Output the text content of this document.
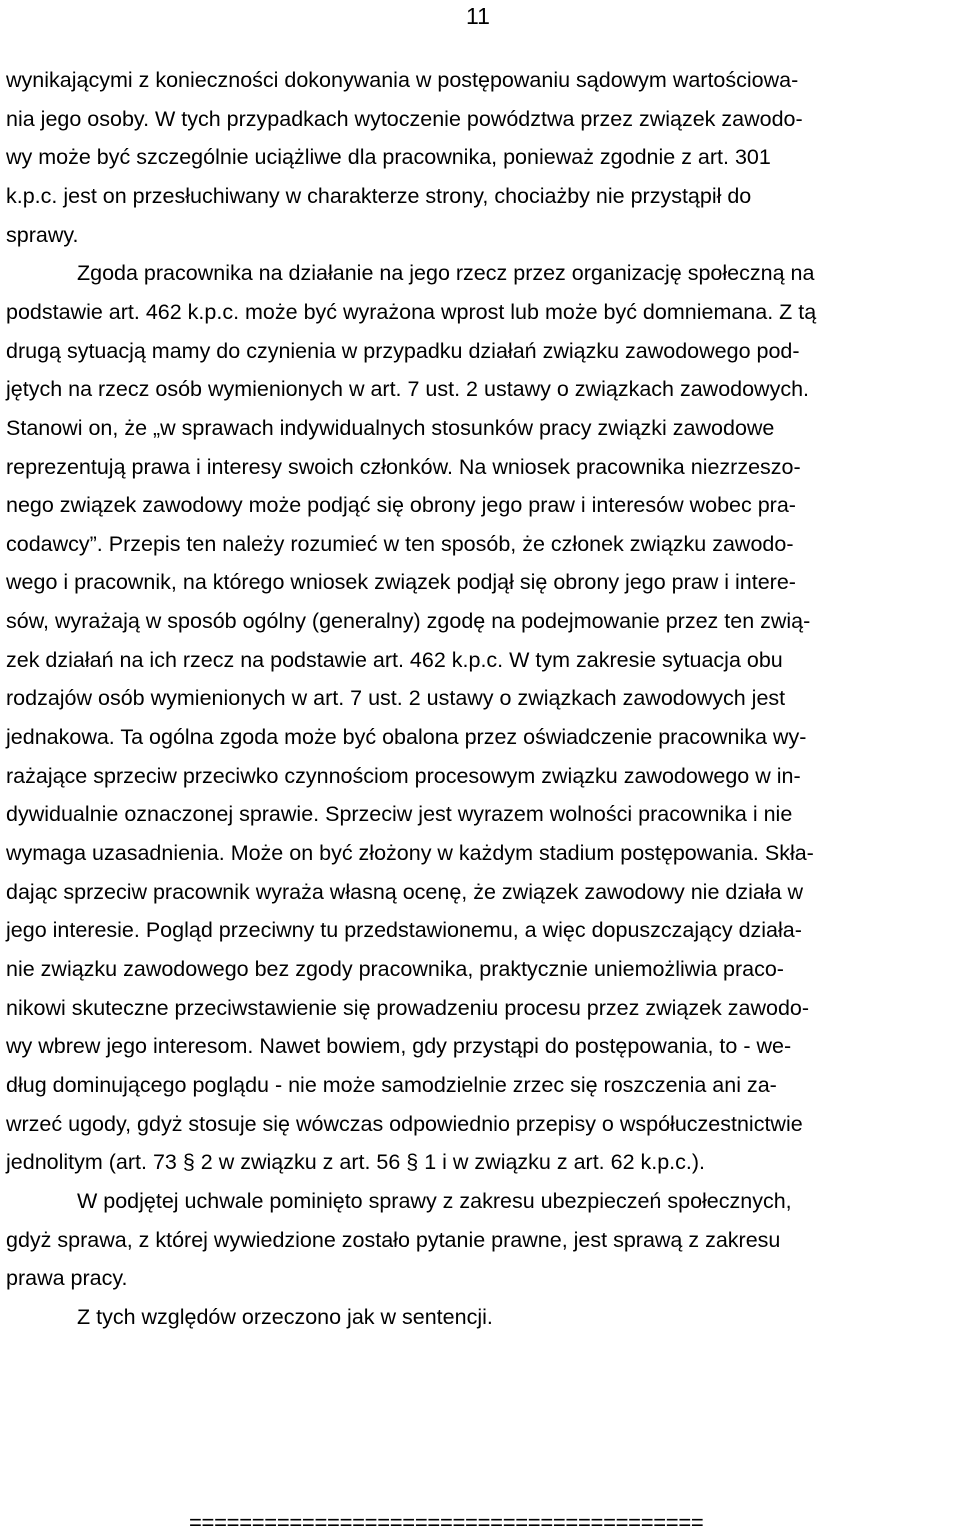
11
wynikającymi z konieczności dokonywania w postępowaniu sądowym wartościowa-
nia jego osoby. W tych przypadkach wytoczenie powództwa przez związek zawodo-
wy może być szczególnie uciążliwe dla pracownika, ponieważ zgodnie z art. 301
k.p.c. jest on przesłuchiwany w charakterze strony, chociażby nie przystąpił do
sprawy.
Zgoda pracownika na działanie na jego rzecz przez organizację społeczną na
podstawie art. 462 k.p.c. może być wyrażona wprost lub może być domniemana. Z tą
drugą sytuacją mamy do czynienia w przypadku działań związku zawodowego pod-
jętych na rzecz osób wymienionych w art. 7 ust. 2 ustawy o związkach zawodowych.
Stanowi on, że „w sprawach indywidualnych stosunków pracy związki zawodowe
reprezentują prawa i interesy swoich członków. Na wniosek pracownika niezrzeszo-
nego związek zawodowy może podjąć się obrony jego praw i interesów wobec pra-
codawcy”. Przepis ten należy rozumieć w ten sposób, że członek związku zawodo-
wego i pracownik, na którego wniosek związek podjął się obrony jego praw i intere-
sów, wyrażają w sposób ogólny (generalny) zgodę na podejmowanie przez ten zwią-
zek działań na ich rzecz na podstawie art. 462 k.p.c. W tym zakresie sytuacja obu
rodzajów osób wymienionych w art. 7 ust. 2 ustawy o związkach zawodowych jest
jednakowa. Ta ogólna zgoda może być obalona przez oświadczenie pracownika wy-
rażające sprzeciw przeciwko czynnościom procesowym związku zawodowego w in-
dywidualnie oznaczonej sprawie. Sprzeciw jest wyrazem wolności pracownika i nie
wymaga uzasadnienia. Może on być złożony w każdym stadium postępowania. Skła-
dając sprzeciw pracownik wyraża własną ocenę, że związek zawodowy nie działa w
jego interesie. Pogląd przeciwny tu przedstawionemu, a więc dopuszczający działa-
nie związku zawodowego bez zgody pracownika, praktycznie uniemożliwia praco-
nikowi skuteczne przeciwstawienie się prowadzeniu procesu przez związek zawodo-
wy wbrew jego interesom. Nawet bowiem, gdy przystąpi do postępowania, to - we-
dług dominującego poglądu - nie może samodzielnie zrzec się roszczenia ani za-
wrzeć ugody, gdyż stosuje się wówczas odpowiednio przepisy o współuczestnictwie
jednolitym (art. 73 § 2 w związku z art. 56 § 1 i w związku z art. 62 k.p.c.).
W podjętej uchwale pominięto sprawy z zakresu ubezpieczeń społecznych,
gdyż sprawa, z której wywiedzione zostało pytanie prawne, jest sprawą z zakresu
prawa pracy.
Z tych względów orzeczono jak w sentencji.
=========================================
